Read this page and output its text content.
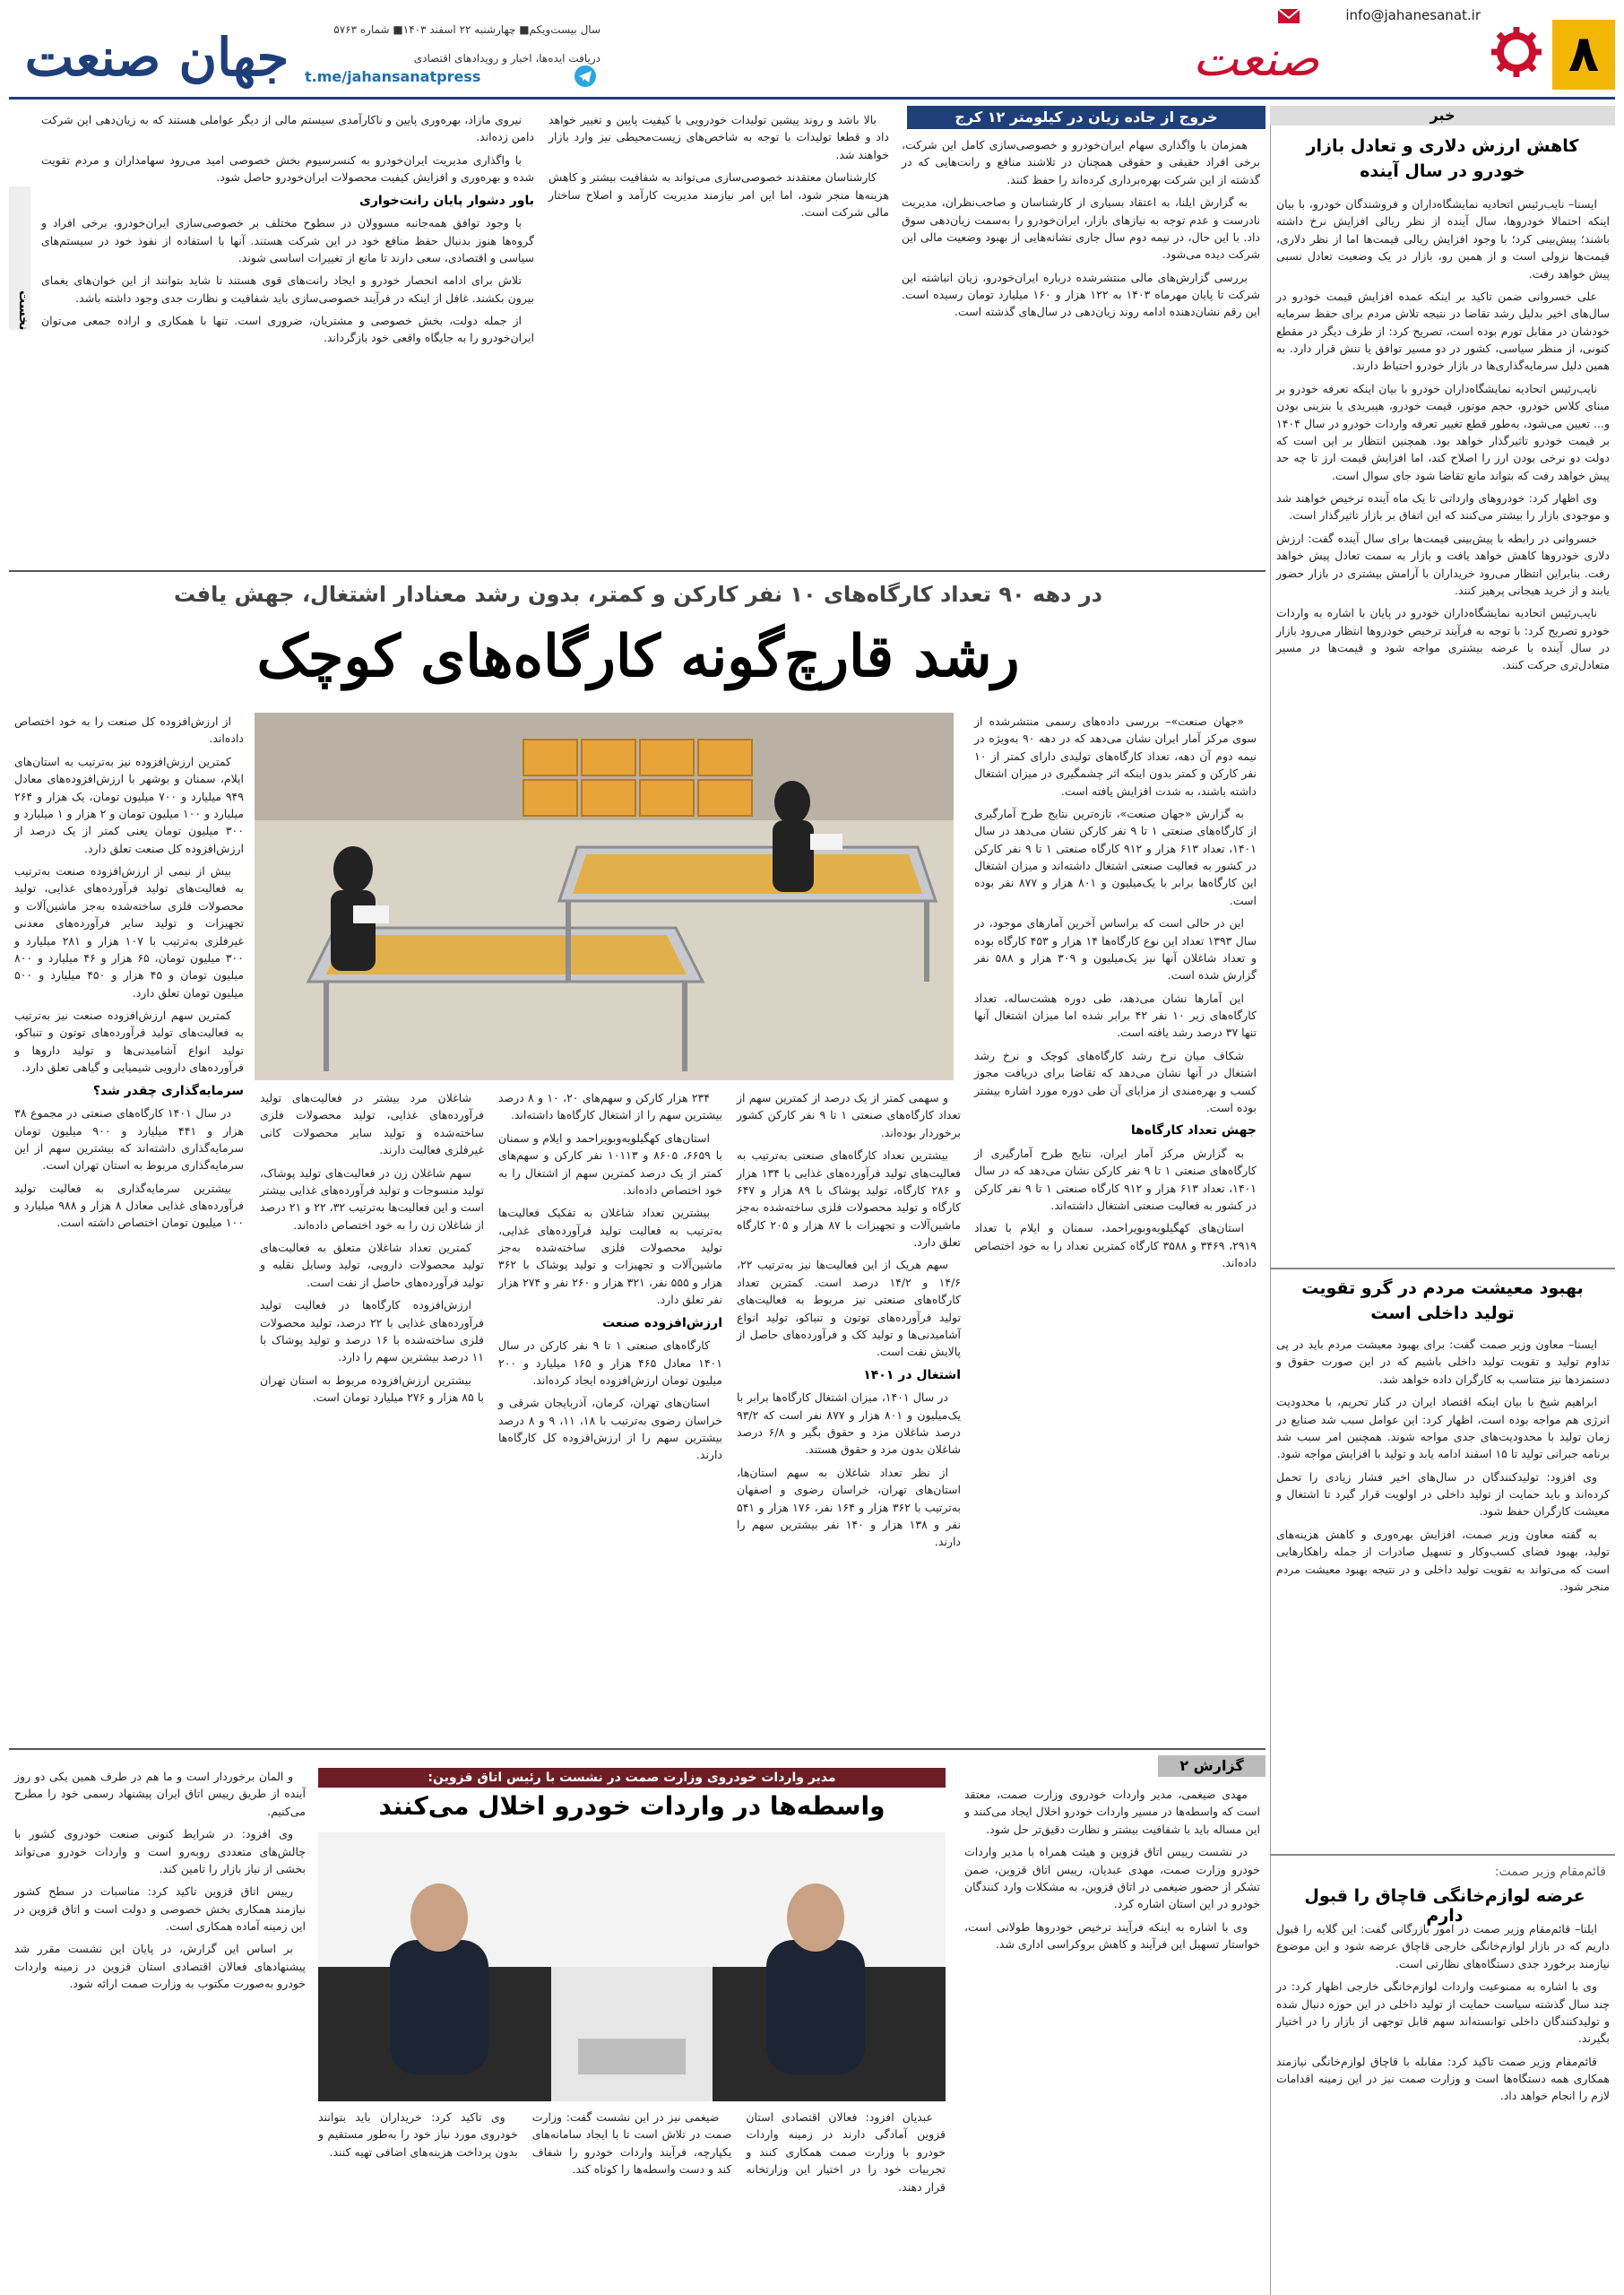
۸
info@jahanesanat.ir
صنعت
جهان صنعت	سال بیست‌ویکم■ چهارشنبه ۲۲ اسفند ۱۴۰۳■ شماره ۵۷۶۳
دریافت ایده‌ها، اخبار و رویدادهای اقتصادی
t.me/jahansanatpress
خبر
کاهش ارزش دلاری و تعادل بازار خودرو در سال آینده

ایسنا– نایب‌رئیس اتحادیه نمایشگاه‌داران و فروشندگان خودرو، با بیان اینکه احتمالا خودروها، سال آینده از نظر ریالی افزایش نرخ داشته باشند؛ پیش‌بینی کرد؛ با وجود افزایش ریالی قیمت‌ها اما از نظر دلاری، قیمت‌ها نزولی است و از همین رو، بازار در یک وضعیت تعادل نسبی پیش خواهد رفت.

علی خسروانی ضمن تاکید بر اینکه عمده افزایش قیمت خودرو در سال‌های اخیر بدلیل رشد تقاضا در نتیجه تلاش مردم برای حفظ سرمایه خودشان در مقابل تورم بوده است، تصریح کرد: از طرف دیگر در مقطع کنونی، از منظر سیاسی، کشور در دو مسیر توافق یا تنش قرار دارد. به همین دلیل سرمایه‌گذاری‌ها در بازار خودرو احتیاط دارند.

نایب‌رئیس اتحادیه نمایشگاه‌داران خودرو با بیان اینکه تعرفه خودرو بر مبنای کلاس خودرو، حجم موتور، قیمت خودرو، هیبریدی یا بنزینی بودن و... تعیین می‌شود، به‌طور قطع تغییر تعرفه واردات خودرو در سال ۱۴۰۴ بر قیمت خودرو تاثیرگذار خواهد بود. همچنین انتظار بر این است که دولت دو نرخی بودن ارز را اصلاح کند، اما افزایش قیمت ارز تا چه حد پیش خواهد رفت که بتواند مانع تقاضا شود جای سوال است.

وی اظهار کرد: خودروهای وارداتی تا یک ماه آینده ترخیص خواهند شد و موجودی بازار را بیشتر می‌کنند که این اتفاق بر بازار تاثیرگذار است.

خسروانی در رابطه با پیش‌بینی قیمت‌ها برای سال آینده گفت: ارزش دلاری خودروها کاهش خواهد یافت و بازار به سمت تعادل پیش خواهد رفت. بنابراین انتظار می‌رود خریداران با آرامش بیشتری در بازار حضور یابند و از خرید هیجانی پرهیز کنند.

نایب‌رئیس اتحادیه نمایشگاه‌داران خودرو در پایان با اشاره به واردات خودرو تصریح کرد: با توجه به فرآیند ترخیص خودروها انتظار می‌رود بازار در سال آینده با عرضه بیشتری مواجه شود و قیمت‌ها در مسیر متعادل‌تری حرکت کنند.

بهبود معیشت مردم در گرو تقویت تولید داخلی است

ایسنا– معاون وزیر صمت گفت: برای بهبود معیشت مردم باید در پی تداوم تولید و تقویت تولید داخلی باشیم که در این صورت حقوق و دستمزدها نیز متناسب به کارگران داده خواهد شد.

ابراهیم شیخ با بیان اینکه اقتصاد ایران در کنار تحریم، با محدودیت انرژی هم مواجه بوده است، اظهار کرد: این عوامل سبب شد صنایع در زمان تولید با محدودیت‌های جدی مواجه شوند. همچنین امر سبب شد برنامه جبرانی تولید تا ۱۵ اسفند ادامه یابد و تولید با افزایش مواجه شود.

وی افزود: تولیدکنندگان در سال‌های اخیر فشار زیادی را تحمل کرده‌اند و باید حمایت از تولید داخلی در اولویت قرار گیرد تا اشتغال و معیشت کارگران حفظ شود.

به گفته معاون وزیر صمت، افزایش بهره‌وری و کاهش هزینه‌های تولید، بهبود فضای کسب‌وکار و تسهیل صادرات از جمله راهکارهایی است که می‌تواند به تقویت تولید داخلی و در نتیجه بهبود معیشت مردم منجر شود.

قائم‌مقام وزیر صمت:
عرضه لوازم‌خانگی قاچاق را قبول دارم

ایلنا– قائم‌مقام وزیر صمت در امور بازرگانی گفت: این گلایه را قبول داریم که در بازار لوازم‌خانگی خارجی قاچاق عرضه شود و این موضوع نیازمند برخورد جدی دستگاه‌های نظارتی است.

وی با اشاره به ممنوعیت واردات لوازم‌خانگی خارجی اظهار کرد: در چند سال گذشته سیاست حمایت از تولید داخلی در این حوزه دنبال شده و تولیدکنندگان داخلی توانسته‌اند سهم قابل توجهی از بازار را در اختیار بگیرند.

قائم‌مقام وزیر صمت تاکید کرد: مقابله با قاچاق لوازم‌خانگی نیازمند همکاری همه دستگاه‌ها است و وزارت صمت نیز در این زمینه اقدامات لازم را انجام خواهد داد.

خروج از جاده زیان در کیلومتر ۱۲ کرج
نخست

همزمان با واگذاری سهام ایران‌خودرو و خصوصی‌سازی کامل این شرکت، برخی افراد حقیقی و حقوقی همچنان در تلاشند منافع و رانت‌هایی که در گذشته از این شرکت بهره‌برداری کرده‌اند را حفظ کنند.

به گزارش ایلنا، به اعتقاد بسیاری از کارشناسان و صاحب‌نظران، مدیریت نادرست و عدم توجه به نیازهای بازار، ایران‌خودرو را به‌سمت زیان‌دهی سوق داد. با این حال، در نیمه دوم سال جاری نشانه‌هایی از بهبود وضعیت مالی این شرکت دیده می‌شود.

بررسی گزارش‌های مالی منتشرشده درباره ایران‌خودرو، زیان انباشته این شرکت تا پایان مهرماه ۱۴۰۳ به ۱۲۲ هزار و ۱۶۰ میلیارد تومان رسیده است. این رقم نشان‌دهنده ادامه روند زیان‌دهی در سال‌های گذشته است.

بالا باشد و روند پیشین تولیدات خودرویی با کیفیت پایین و تغییر خواهد داد و قطعا تولیدات با توجه به شاخص‌های زیست‌محیطی نیز وارد بازار خواهند شد.

کارشناسان معتقدند خصوصی‌سازی می‌تواند به شفافیت بیشتر و کاهش هزینه‌ها منجر شود، اما این امر نیازمند مدیریت کارآمد و اصلاح ساختار مالی شرکت است.

نیروی مازاد، بهره‌وری پایین و ناکارآمدی سیستم مالی از دیگر عواملی هستند که به زیان‌دهی این شرکت دامن زده‌اند.

با واگذاری مدیریت ایران‌خودرو به کنسرسیوم بخش خصوصی امید می‌رود سهامداران و مردم تقویت شده و بهره‌وری و افزایش کیفیت محصولات ایران‌خودرو حاصل شود.

باور دشوار پایان رانت‌خواری

با وجود توافق همه‌جانبه مسوولان در سطوح مختلف بر خصوصی‌سازی ایران‌خودرو، برخی افراد و گروه‌ها هنوز بدنبال حفظ منافع خود در این شرکت هستند. آنها با استفاده از نفوذ خود در سیستم‌های سیاسی و اقتصادی، سعی دارند تا مانع از تغییرات اساسی شوند.

تلاش برای ادامه انحصار خودرو و ایجاد رانت‌های قوی هستند تا شاید بتوانند از این خوان‌های یغمای بیرون بکشند. غافل از اینکه در فرآیند خصوصی‌سازی باید شفافیت و نظارت جدی وجود داشته باشد.

از جمله دولت، بخش خصوصی و مشتریان، ضروری است. تنها با همکاری و اراده جمعی می‌توان ایران‌خودرو را به جایگاه واقعی خود بازگرداند.

در دهه ۹۰ تعداد کارگاه‌های ۱۰ نفر کارکن و کمتر، بدون رشد معنادار اشتغال، جهش یافت
رشد قارچ‌گونه کارگاه‌های کوچک

«جهان صنعت»– بررسی داده‌های رسمی منتشرشده از سوی مرکز آمار ایران نشان می‌دهد که در دهه ۹۰ به‌ویژه در نیمه دوم آن دهه، تعداد کارگاه‌های تولیدی دارای کمتر از ۱۰ نفر کارکن و کمتر بدون اینکه اثر چشمگیری در میزان اشتغال داشته باشند، به شدت افزایش یافته است.

به گزارش «جهان صنعت»، تازه‌ترین نتایج طرح آمارگیری از کارگاه‌های صنعتی ۱ تا ۹ نفر کارکن نشان می‌دهد در سال ۱۴۰۱، تعداد ۶۱۳ هزار و ۹۱۲ کارگاه صنعتی ۱ تا ۹ نفر کارکن در کشور به فعالیت صنعتی اشتغال داشته‌اند و میزان اشتغال این کارگاه‌ها برابر با یک‌میلیون و ۸۰۱ هزار و ۸۷۷ نفر بوده است.

این در حالی است که براساس آخرین آمارهای موجود، در سال ۱۳۹۳ تعداد این نوع کارگاه‌ها ۱۴ هزار و ۴۵۳ کارگاه بوده و تعداد شاغلان آنها نیز یک‌میلیون و ۳۰۹ هزار و ۵۸۸ نفر گزارش شده است.

این آمارها نشان می‌دهد، طی دوره هشت‌ساله، تعداد کارگاه‌های زیر ۱۰ نفر ۴۲ برابر شده اما میزان اشتغال آنها تنها ۳۷ درصد رشد یافته است.

شکاف میان نرخ رشد کارگاه‌های کوچک و نرخ رشد اشتغال در آنها نشان می‌دهد که تقاضا برای دریافت مجوز کسب و بهره‌مندی از مزایای آن طی دوره مورد اشاره بیشتر بوده است.

جهش تعداد کارگاه‌ها

به گزارش مرکز آمار ایران، نتایج طرح آمارگیری از کارگاه‌های صنعتی ۱ تا ۹ نفر کارکن نشان می‌دهد که در سال ۱۴۰۱، تعداد ۶۱۳ هزار و ۹۱۲ کارگاه صنعتی ۱ تا ۹ نفر کارکن در کشور به فعالیت صنعتی اشتغال داشته‌اند.

استان‌های کهگیلویه‌وبویراحمد، سمنان و ایلام با تعداد ۲۹۱۹، ۳۴۶۹ و ۳۵۸۸ کارگاه کمترین تعداد را به خود اختصاص داده‌اند.

و سهمی کمتر از یک درصد از کمترین سهم از تعداد کارگاه‌های صنعتی ۱ تا ۹ نفر کارکن کشور برخوردار بوده‌اند.

بیشترین تعداد کارگاه‌های صنعتی به‌ترتیب به فعالیت‌های تولید فرآورده‌های غذایی با ۱۳۴ هزار و ۲۸۶ کارگاه، تولید پوشاک با ۸۹ هزار و ۶۴۷ کارگاه و تولید محصولات فلزی ساخته‌شده به‌جز ماشین‌آلات و تجهیزات با ۸۷ هزار و ۲۰۵ کارگاه تعلق دارد.

سهم هریک از این فعالیت‌ها نیز به‌ترتیب ۲۲، ۱۴/۶ و ۱۴/۲ درصد است. کمترین تعداد کارگاه‌های صنعتی نیز مربوط به فعالیت‌های تولید فرآورده‌های توتون و تنباکو، تولید انواع آشامیدنی‌ها و تولید کک و فرآورده‌های حاصل از پالایش نفت است.

اشتغال در ۱۴۰۱

در سال ۱۴۰۱، میزان اشتغال کارگاه‌ها برابر با یک‌میلیون و ۸۰۱ هزار و ۸۷۷ نفر است که ۹۳/۲ درصد شاغلان مزد و حقوق بگیر و ۶/۸ درصد شاغلان بدون مزد و حقوق هستند.

از نظر تعداد شاغلان به سهم استان‌ها، استان‌های تهران، خراسان رضوی و اصفهان به‌ترتیب با ۳۶۲ هزار و ۱۶۴ نفر، ۱۷۶ هزار و ۵۴۱ نفر و ۱۳۸ هزار و ۱۴۰ نفر بیشترین سهم را دارند.

۲۳۴ هزار کارکن و سهم‌های ۲۰، ۱۰ و ۸ درصد بیشترین سهم را از اشتغال کارگاه‌ها داشته‌اند.

استان‌های کهگیلویه‌وبویراحمد و ایلام و سمنان با ۶۶۵۹، ۸۶۰۵ و ۱۰۱۱۳ نفر کارکن و سهم‌های کمتر از یک درصد کمترین سهم از اشتغال را به خود اختصاص داده‌اند.

بیشترین تعداد شاغلان به تفکیک فعالیت‌ها به‌ترتیب به فعالیت تولید فرآورده‌های غذایی، تولید محصولات فلزی ساخته‌شده به‌جز ماشین‌آلات و تجهیزات و تولید پوشاک با ۳۶۲ هزار و ۵۵۵ نفر، ۳۲۱ هزار و ۲۶۰ نفر و ۲۷۴ هزار نفر تعلق دارد.

ارزش‌افزوده صنعت

کارگاه‌های صنعتی ۱ تا ۹ نفر کارکن در سال ۱۴۰۱ معادل ۴۶۵ هزار و ۱۶۵ میلیارد و ۲۰۰ میلیون تومان ارزش‌افزوده ایجاد کرده‌اند.

استان‌های تهران، کرمان، آذربایجان شرقی و خراسان رضوی به‌ترتیب با ۱۸، ۱۱، ۹ و ۸ درصد بیشترین سهم را از ارزش‌افزوده کل کارگاه‌ها دارند.

شاغلان مرد بیشتر در فعالیت‌های تولید فرآورده‌های غذایی، تولید محصولات فلزی ساخته‌شده و تولید سایر محصولات کانی غیرفلزی فعالیت دارند.

سهم شاغلان زن در فعالیت‌های تولید پوشاک، تولید منسوجات و تولید فرآورده‌های غذایی بیشتر است و این فعالیت‌ها به‌ترتیب ۳۲، ۲۲ و ۲۱ درصد از شاغلان زن را به خود اختصاص داده‌اند.

کمترین تعداد شاغلان متعلق به فعالیت‌های تولید محصولات دارویی، تولید وسایل نقلیه و تولید فرآورده‌های حاصل از نفت است.

ارزش‌افزوده کارگاه‌ها در فعالیت تولید فرآورده‌های غذایی با ۲۲ درصد، تولید محصولات فلزی ساخته‌شده با ۱۶ درصد و تولید پوشاک با ۱۱ درصد بیشترین سهم را دارد.

بیشترین ارزش‌افزوده مربوط به استان تهران با ۸۵ هزار و ۲۷۶ میلیارد تومان است.

از ارزش‌افزوده کل صنعت را به خود اختصاص داده‌اند.

کمترین ارزش‌افزوده نیز به‌ترتیب به استان‌های ایلام، سمنان و بوشهر با ارزش‌افزوده‌های معادل ۹۴۹ میلیارد و ۷۰۰ میلیون تومان، یک هزار و ۲۶۴ میلیارد و ۱۰۰ میلیون تومان و ۲ هزار و ۱ میلیارد و ۳۰۰ میلیون تومان یعنی کمتر از یک درصد از ارزش‌افزوده کل صنعت تعلق دارد.

بیش از نیمی از ارزش‌افزوده صنعت به‌ترتیب به فعالیت‌های تولید فرآورده‌های غذایی، تولید محصولات فلزی ساخته‌شده به‌جز ماشین‌آلات و تجهیزات و تولید سایر فرآورده‌های معدنی غیرفلزی به‌ترتیب با ۱۰۷ هزار و ۲۸۱ میلیارد و ۳۰۰ میلیون تومان، ۶۵ هزار و ۴۶ میلیارد و ۸۰۰ میلیون تومان و ۴۵ هزار و ۴۵۰ میلیارد و ۵۰۰ میلیون تومان تعلق دارد.

کمترین سهم ارزش‌افزوده صنعت نیز به‌ترتیب به فعالیت‌های تولید فرآورده‌های توتون و تنباکو، تولید انواع آشامیدنی‌ها و تولید داروها و فرآورده‌های دارویی شیمیایی و گیاهی تعلق دارد.

سرمایه‌گذاری چقدر شد؟

در سال ۱۴۰۱ کارگاه‌های صنعتی در مجموع ۳۸ هزار و ۴۴۱ میلیارد و ۹۰۰ میلیون تومان سرمایه‌گذاری داشته‌اند که بیشترین سهم از این سرمایه‌گذاری مربوط به استان تهران است.

بیشترین سرمایه‌گذاری به فعالیت تولید فرآورده‌های غذایی معادل ۸ هزار و ۹۸۸ میلیارد و ۱۰۰ میلیون تومان اختصاص داشته است.

گزارش ۲
مدیر واردات خودروی وزارت صمت در نشست با رئیس اتاق قزوین:
واسطه‌ها در واردات خودرو اخلال می‌کنند	مهدی ضیغمی، مدیر واردات خودروی وزارت صمت، معتقد است که واسطه‌ها در مسیر واردات خودرو اخلال ایجاد می‌کنند و این مساله باید با شفافیت بیشتر و نظارت دقیق‌تر حل شود.

در نشست رییس اتاق قزوین و هیئت همراه با مدیر واردات خودرو وزارت صمت، مهدی عبدیان، رییس اتاق قزوین، ضمن تشکر از حضور ضیغمی در اتاق قزوین، به مشکلات وارد کنندگان خودرو در این استان اشاره کرد.

وی با اشاره به اینکه فرآیند ترخیص خودروها طولانی است، خواستار تسهیل این فرآیند و کاهش بروکراسی اداری شد.

عبدیان افزود: فعالان اقتصادی استان قزوین آمادگی دارند در زمینه واردات خودرو با وزارت صمت همکاری کنند و تجربیات خود را در اختیار این وزارتخانه قرار دهند.

ضیغمی نیز در این نشست گفت: وزارت صمت در تلاش است تا با ایجاد سامانه‌های یکپارچه، فرآیند واردات خودرو را شفاف کند و دست واسطه‌ها را کوتاه کند.

وی تاکید کرد: خریداران باید بتوانند خودروی مورد نیاز خود را به‌طور مستقیم و بدون پرداخت هزینه‌های اضافی تهیه کنند.

و المان برخوردار است و ما هم در طرف همین یکی دو روز آینده از طریق رییس اتاق ایران پیشنهاد رسمی خود را مطرح می‌کنیم.

وی افزود: در شرایط کنونی صنعت خودروی کشور با چالش‌های متعددی روبه‌رو است و واردات خودرو می‌تواند بخشی از نیاز بازار را تامین کند.

رییس اتاق قزوین تاکید کرد: مناسبات در سطح کشور نیازمند همکاری بخش خصوصی و دولت است و اتاق قزوین در این زمینه آماده همکاری است.

بر اساس این گزارش، در پایان این نشست مقرر شد پیشنهادهای فعالان اقتصادی استان قزوین در زمینه واردات خودرو به‌صورت مکتوب به وزارت صمت ارائه شود.
